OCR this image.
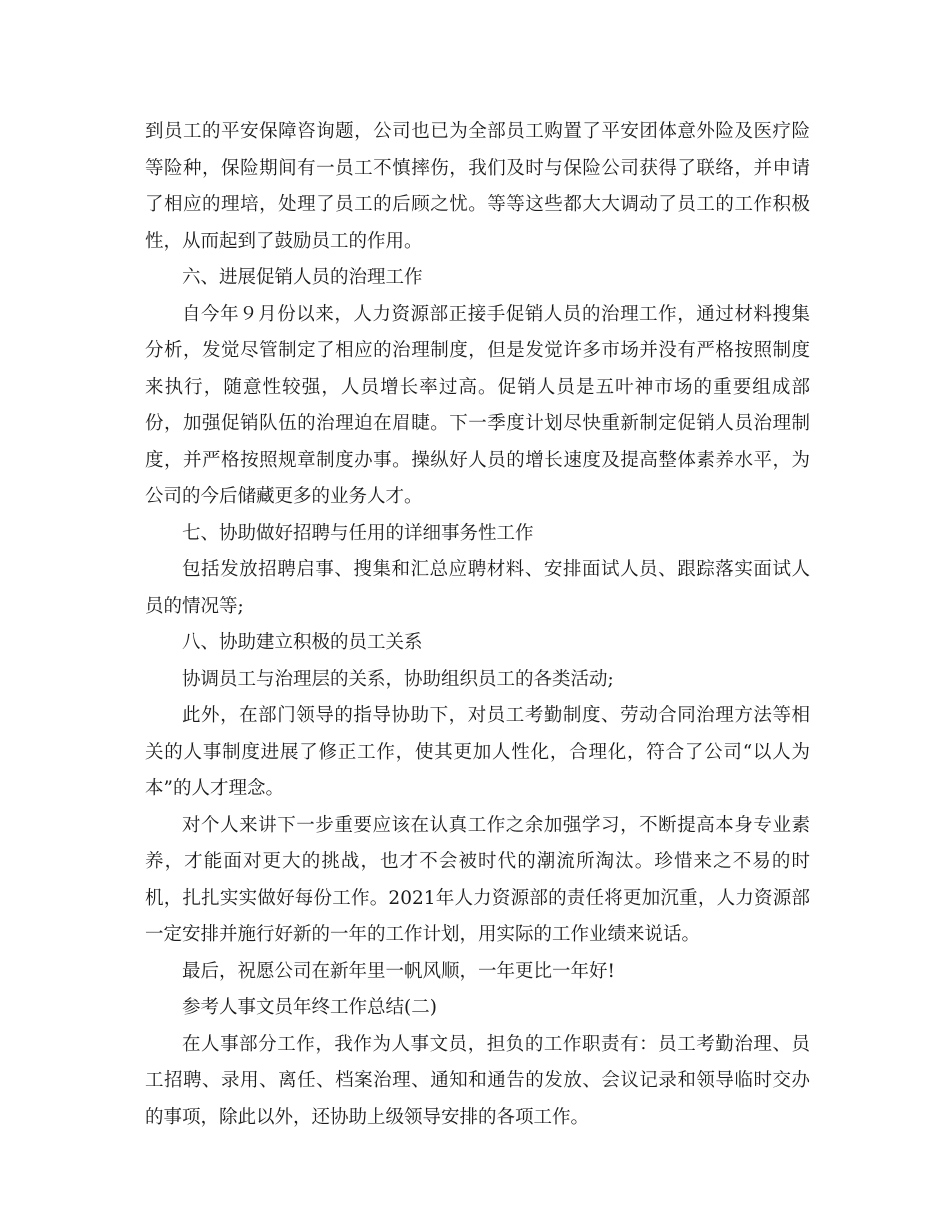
到员工的平安保障咨询题，公司也已为全部员工购置了平安团体意外险及医疗险等险种，保险期间有一员工不慎摔伤，我们及时与保险公司获得了联络，并申请了相应的理培，处理了员工的后顾之忧。等等这些都大大调动了员工的工作积极性，从而起到了鼓励员工的作用。

六、进展促销人员的治理工作

自今年９月份以来，人力资源部正接手促销人员的治理工作，通过材料搜集分析，发觉尽管制定了相应的治理制度，但是发觉许多市场并没有严格按照制度来执行，随意性较强，人员增长率过高。促销人员是五叶神市场的重要组成部份，加强促销队伍的治理迫在眉睫。下一季度计划尽快重新制定促销人员治理制度，并严格按照规章制度办事。操纵好人员的增长速度及提高整体素养水平，为公司的今后储藏更多的业务人才。

七、协助做好招聘与任用的详细事务性工作

包括发放招聘启事、搜集和汇总应聘材料、安排面试人员、跟踪落实面试人员的情况等;

八、协助建立积极的员工关系

协调员工与治理层的关系，协助组织员工的各类活动;

此外，在部门领导的指导协助下，对员工考勤制度、劳动合同治理方法等相关的人事制度进展了修正工作，使其更加人性化，合理化，符合了公司“以人为本”的人才理念。

对个人来讲下一步重要应该在认真工作之余加强学习，不断提高本身专业素养，才能面对更大的挑战，也才不会被时代的潮流所淘汰。珍惜来之不易的时机，扎扎实实做好每份工作。2021年人力资源部的责任将更加沉重，人力资源部一定安排并施行好新的一年的工作计划，用实际的工作业绩来说话。

最后，祝愿公司在新年里一帆风顺，一年更比一年好!

参考人事文员年终工作总结(二)

在人事部分工作，我作为人事文员，担负的工作职责有：员工考勤治理、员工招聘、录用、离任、档案治理、通知和通告的发放、会议记录和领导临时交办的事项，除此以外，还协助上级领导安排的各项工作。
